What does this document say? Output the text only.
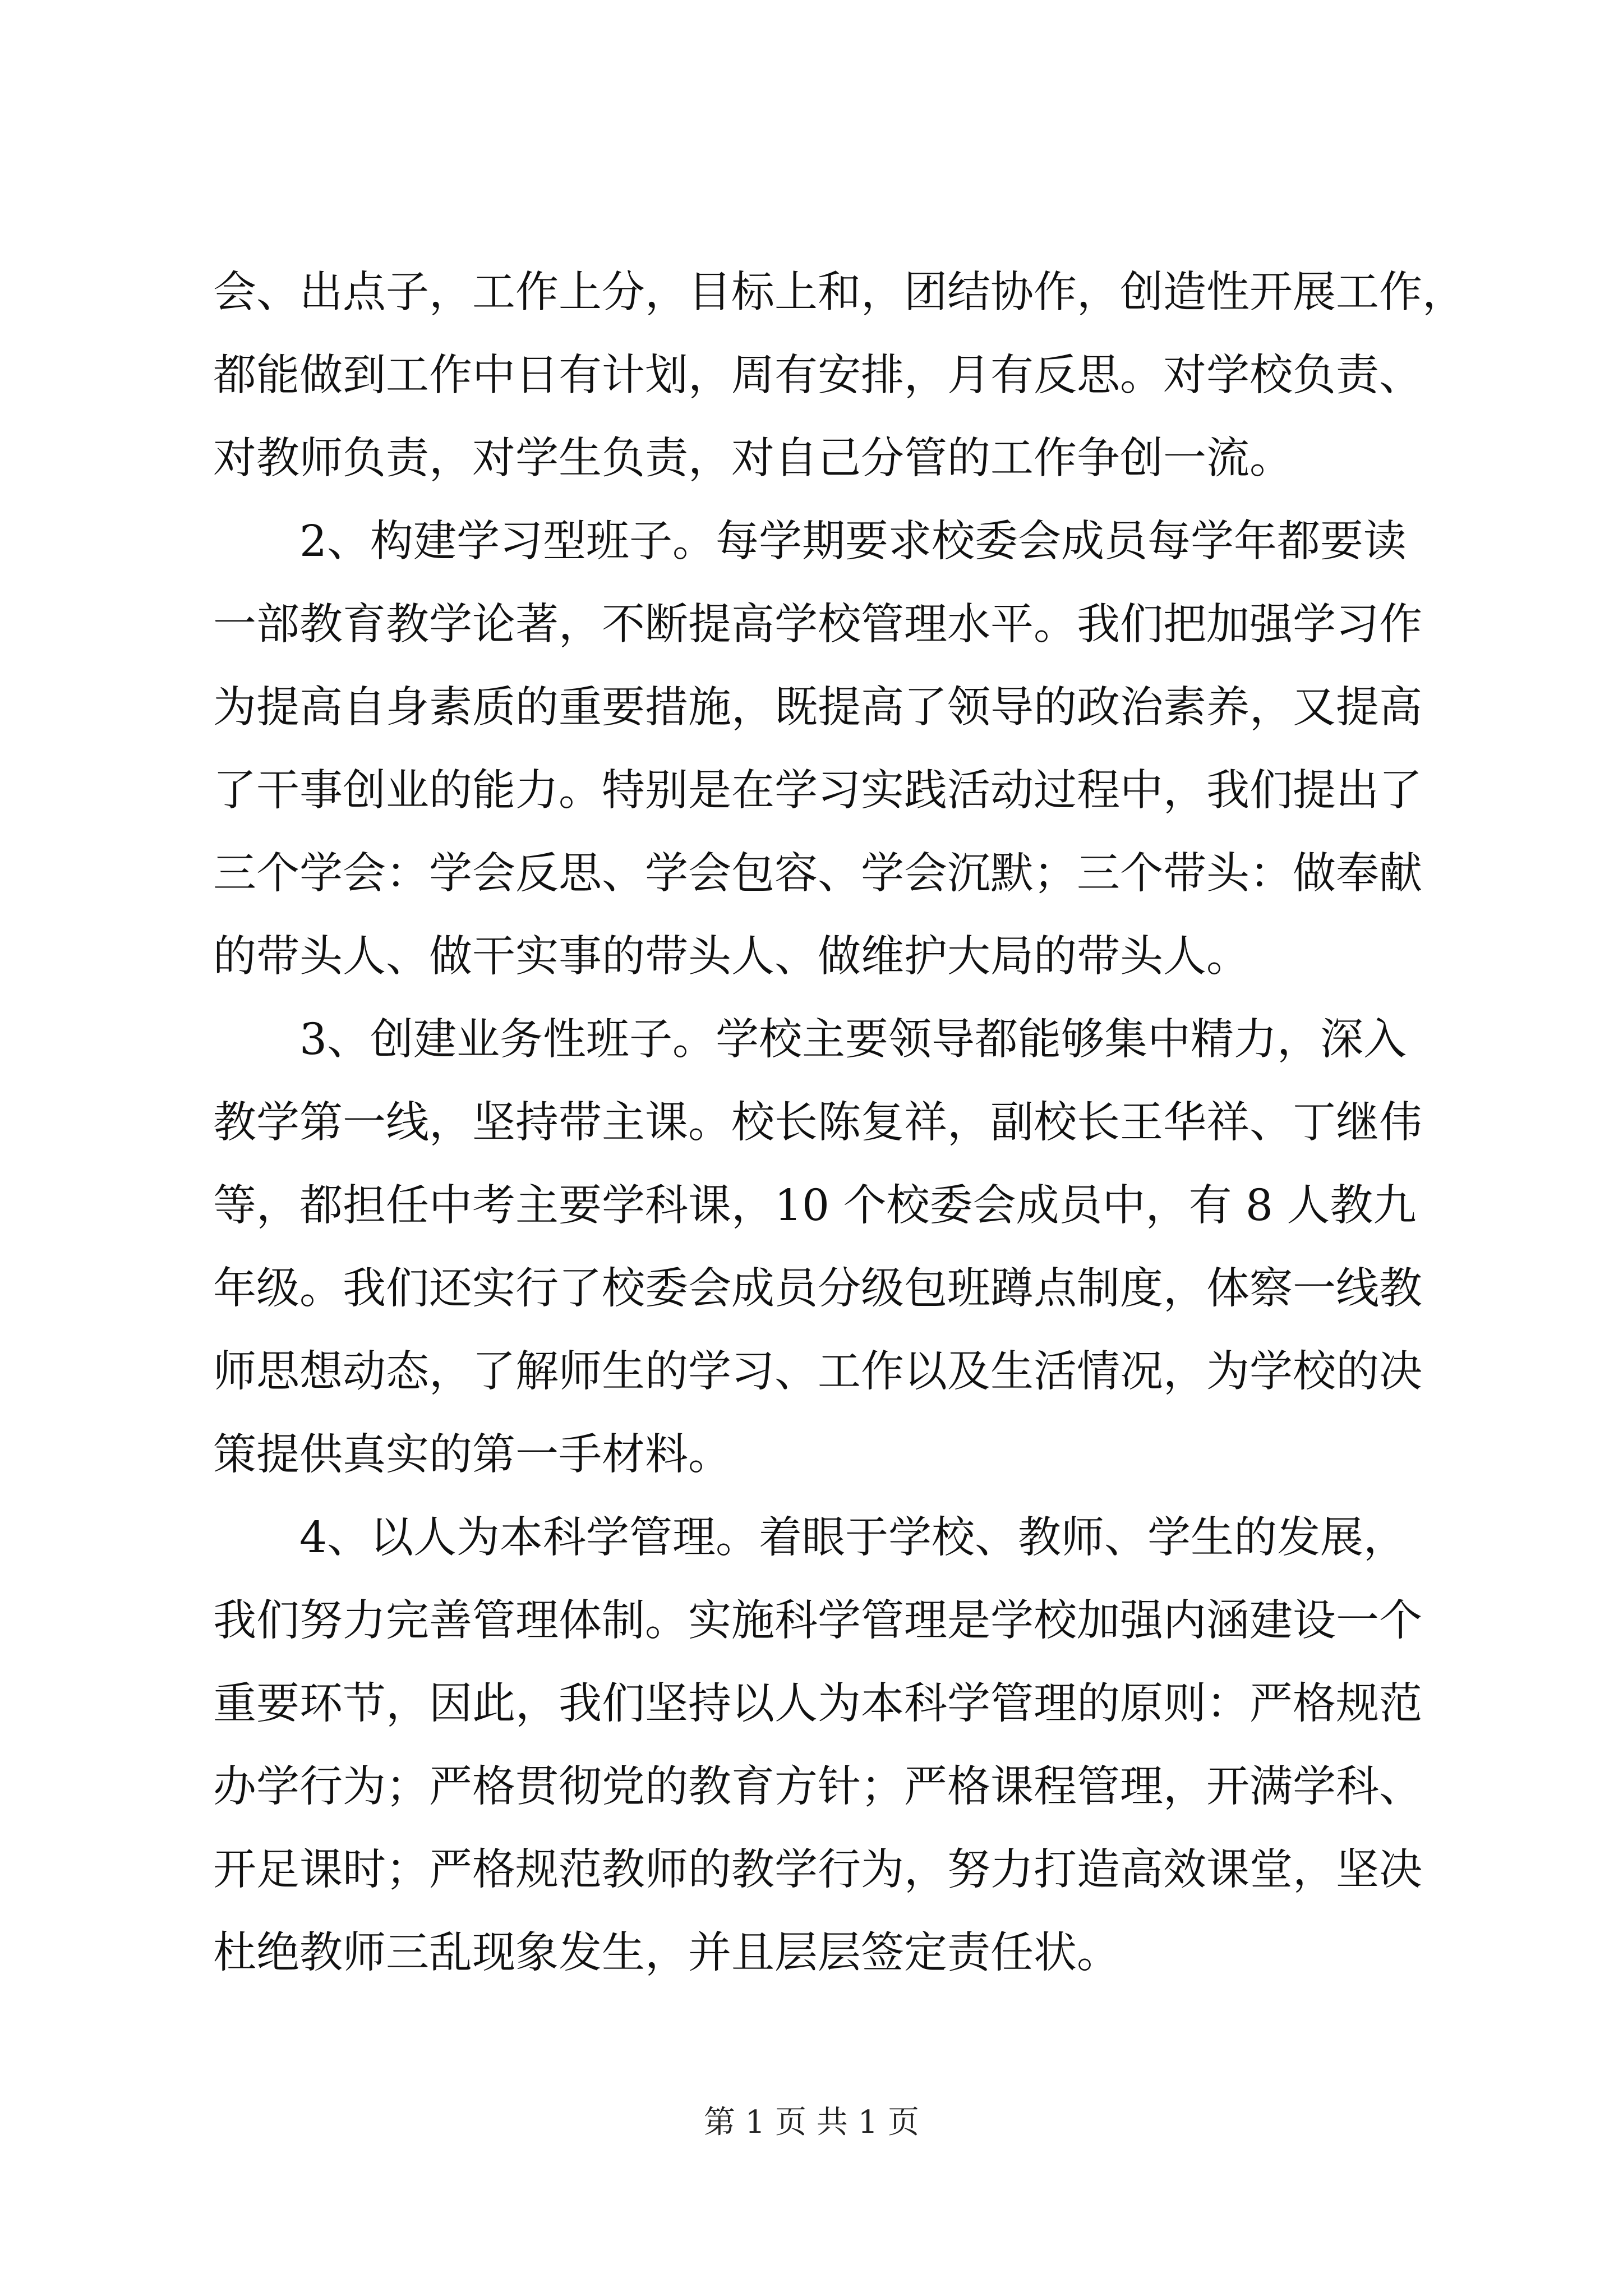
会、出点子，工作上分，目标上和，团结协作，创造性开展工作，
都能做到工作中日有计划，周有安排，月有反思。对学校负责、
对教师负责，对学生负责，对自己分管的工作争创一流。
2、构建学习型班子。每学期要求校委会成员每学年都要读
一部教育教学论著，不断提高学校管理水平。我们把加强学习作
为提高自身素质的重要措施，既提高了领导的政治素养，又提高
了干事创业的能力。特别是在学习实践活动过程中，我们提出了
三个学会：学会反思、学会包容、学会沉默；三个带头：做奉献
的带头人、做干实事的带头人、做维护大局的带头人。
3、创建业务性班子。学校主要领导都能够集中精力，深入
教学第一线，坚持带主课。校长陈复祥，副校长王华祥、丁继伟
等，都担任中考主要学科课，10 个校委会成员中，有 8 人教九
年级。我们还实行了校委会成员分级包班蹲点制度，体察一线教
师思想动态，了解师生的学习、工作以及生活情况，为学校的决
策提供真实的第一手材料。
4、以人为本科学管理。着眼于学校、教师、学生的发展，
我们努力完善管理体制。实施科学管理是学校加强内涵建设一个
重要环节，因此，我们坚持以人为本科学管理的原则：严格规范
办学行为；严格贯彻党的教育方针；严格课程管理，开满学科、
开足课时；严格规范教师的教学行为，努力打造高效课堂，坚决
杜绝教师三乱现象发生，并且层层签定责任状。
第 1 页 共 1 页
